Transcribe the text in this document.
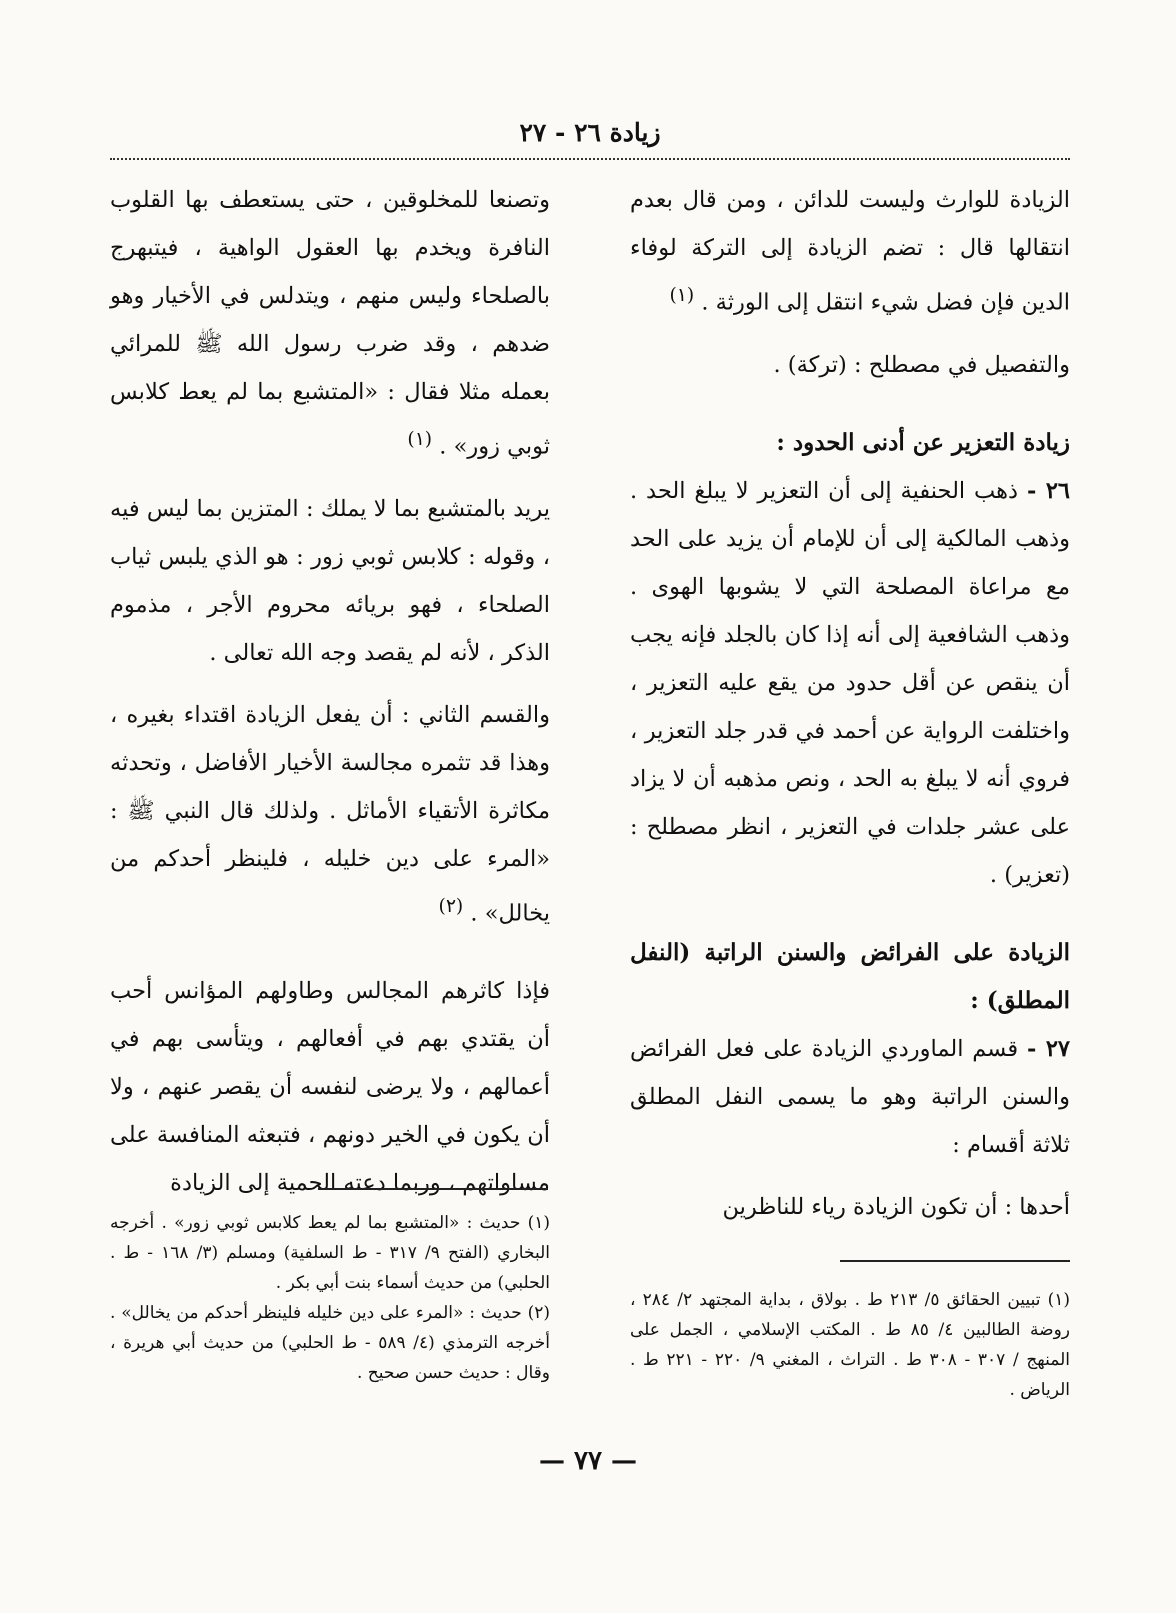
زيادة ٢٦ - ٢٧

الزيادة للوارث وليست للدائن ، ومن قال بعدم انتقالها قال : تضم الزيادة إلى التركة لوفاء الدين فإن فضل شيء انتقل إلى الورثة . $^{(١)}$

والتفصيل في مصطلح : (تركة) .

زيادة التعزير عن أدنى الحدود :

٢٦ - ذهب الحنفية إلى أن التعزير لا يبلغ الحد . وذهب المالكية إلى أن للإمام أن يزيد على الحد مع مراعاة المصلحة التي لا يشوبها الهوى . وذهب الشافعية إلى أنه إذا كان بالجلد فإنه يجب أن ينقص عن أقل حدود من يقع عليه التعزير ، واختلفت الرواية عن أحمد في قدر جلد التعزير ، فروي أنه لا يبلغ به الحد ، ونص مذهبه أن لا يزاد على عشر جلدات في التعزير ، انظر مصطلح : (تعزير) .

الزيادة على الفرائض والسنن الراتبة (النفل المطلق) :

٢٧ - قسم الماوردي الزيادة على فعل الفرائض والسنن الراتبة وهو ما يسمى النفل المطلق ثلاثة أقسام :

أحدها : أن تكون الزيادة رياء للناظرين

وتصنعا للمخلوقين ، حتى يستعطف بها القلوب النافرة ويخدم بها العقول الواهية ، فيتبهرج بالصلحاء وليس منهم ، ويتدلس في الأخيار وهو ضدهم ، وقد ضرب رسول الله ﷺ للمرائي بعمله مثلا فقال : «المتشبع بما لم يعط كلابس ثوبي زور» . $^{(١)}$

يريد بالمتشبع بما لا يملك : المتزين بما ليس فيه ، وقوله : كلابس ثوبي زور : هو الذي يلبس ثياب الصلحاء ، فهو بريائه محروم الأجر ، مذموم الذكر ، لأنه لم يقصد وجه الله تعالى .

والقسم الثاني : أن يفعل الزيادة اقتداء بغيره ، وهذا قد تثمره مجالسة الأخيار الأفاضل ، وتحدثه مكاثرة الأتقياء الأماثل . ولذلك قال النبي ﷺ : «المرء على دين خليله ، فلينظر أحدكم من يخالل» . $^{(٢)}$

فإذا كاثرهم المجالس وطاولهم المؤانس أحب أن يقتدي بهم في أفعالهم ، ويتأسى بهم في أعمالهم ، ولا يرضى لنفسه أن يقصر عنهم ، ولا أن يكون في الخير دونهم ، فتبعثه المنافسة على مساواتهم ، وربما دعته الحمية إلى الزيادة

(١) حديث : «المتشبع بما لم يعط كلابس ثوبي زور» . أخرجه البخاري (الفتح ٩/ ٣١٧ - ط السلفية) ومسلم (٣/ ١٦٨ - ط . الحلبي) من حديث أسماء بنت أبي بكر .

(٢) حديث : «المرء على دين خليله فلينظر أحدكم من يخالل» . أخرجه الترمذي (٤/ ٥٨٩ - ط الحلبي) من حديث أبي هريرة ، وقال : حديث حسن صحيح .

(١) تبيين الحقائق ٥/ ٢١٣ ط . بولاق ، بداية المجتهد ٢/ ٢٨٤ ، روضة الطالبين ٤/ ٨٥ ط . المكتب الإسلامي ، الجمل على المنهج / ٣٠٧ - ٣٠٨ ط . التراث ، المغني ٩/ ٢٢٠ - ٢٢١ ط . الرياض .

— ٧٧ —
